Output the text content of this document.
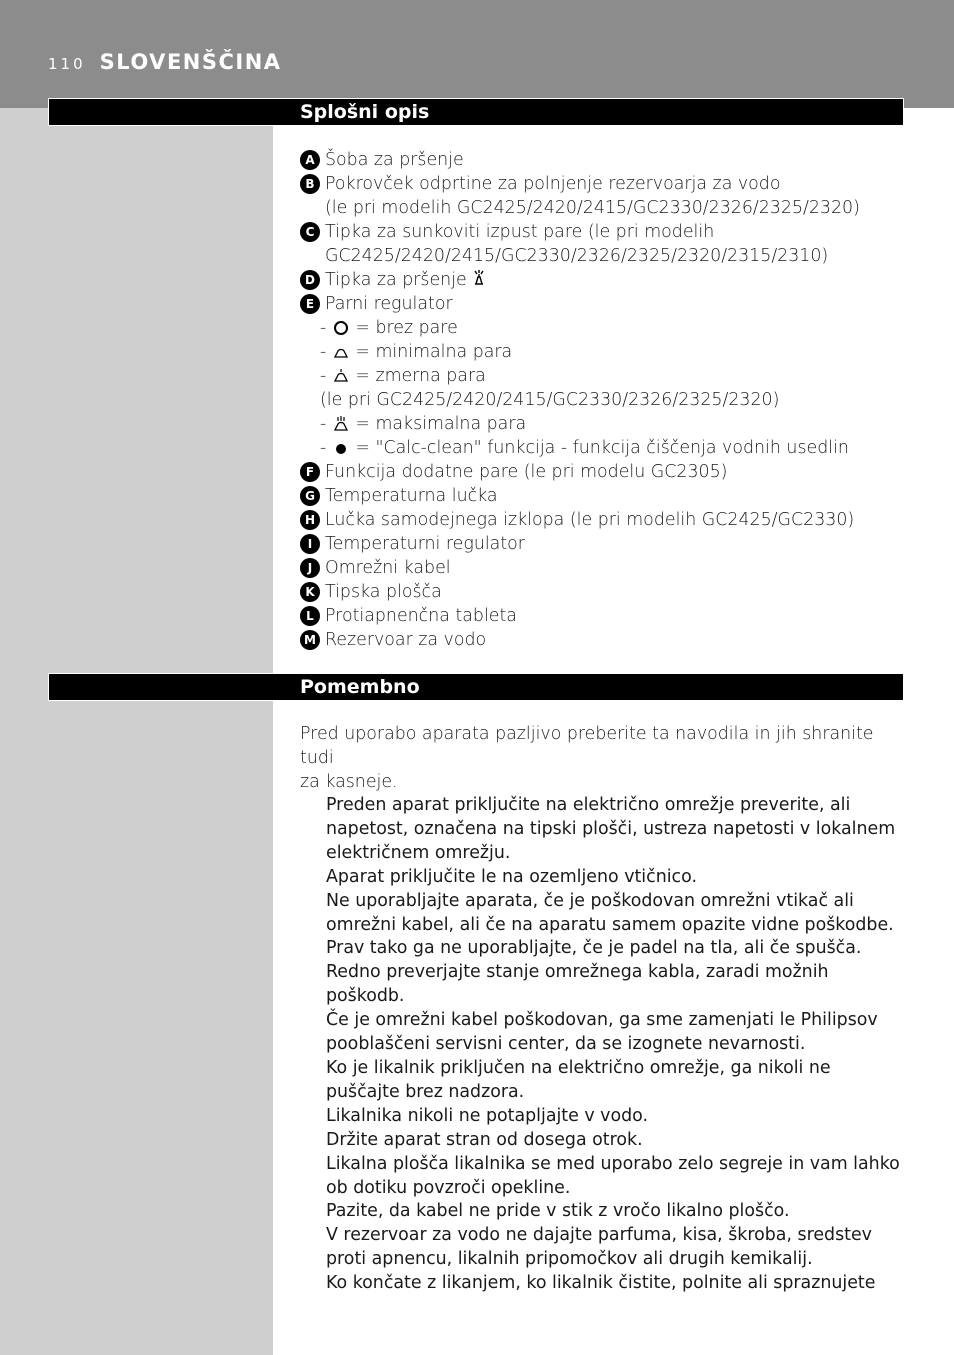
110 SLOVENŠČINA
Splošni opis
A Šoba za pršenje
B Pokrovček odprtine za polnjenje rezervoarja za vodo
(le pri modelih GC2425/2420/2415/GC2330/2326/2325/2320)
C Tipka za sunkoviti izpust pare (le pri modelih
GC2425/2420/2415/GC2330/2326/2325/2320/2315/2310)
D Tipka za pršenje
E Parni regulator
-  = brez pare
-  = minimalna para
-  = zmerna para
(le pri GC2425/2420/2415/GC2330/2326/2325/2320)
-  = maksimalna para
-  = "Calc-clean" funkcija - funkcija čiščenja vodnih usedlin
F Funkcija dodatne pare (le pri modelu GC2305)
G Temperaturna lučka
H Lučka samodejnega izklopa (le pri modelih GC2425/GC2330)
I Temperaturni regulator
J Omrežni kabel
K Tipska plošča
L Protiapnenčna tableta
M Rezervoar za vodo
Pomembno
Pred uporabo aparata pazljivo preberite ta navodila in jih shranite tudi
za kasneje.
Preden aparat priključite na električno omrežje preverite, ali
napetost, označena na tipski plošči, ustreza napetosti v lokalnem
električnem omrežju.
Aparat priključite le na ozemljeno vtičnico.
Ne uporabljajte aparata, če je poškodovan omrežni vtikač ali
omrežni kabel, ali če na aparatu samem opazite vidne poškodbe.
Prav tako ga ne uporabljajte, če je padel na tla, ali če spušča.
Redno preverjajte stanje omrežnega kabla, zaradi možnih
poškodb.
Če je omrežni kabel poškodovan, ga sme zamenjati le Philipsov
pooblaščeni servisni center, da se izognete nevarnosti.
Ko je likalnik priključen na električno omrežje, ga nikoli ne
puščajte brez nadzora.
Likalnika nikoli ne potapljajte v vodo.
Držite aparat stran od dosega otrok.
Likalna plošča likalnika se med uporabo zelo segreje in vam lahko
ob dotiku povzroči opekline.
Pazite, da kabel ne pride v stik z vročo likalno ploščo.
V rezervoar za vodo ne dajajte parfuma, kisa, škroba, sredstev
proti apnencu, likalnih pripomočkov ali drugih kemikalij.
Ko končate z likanjem, ko likalnik čistite, polnite ali spraznujete
